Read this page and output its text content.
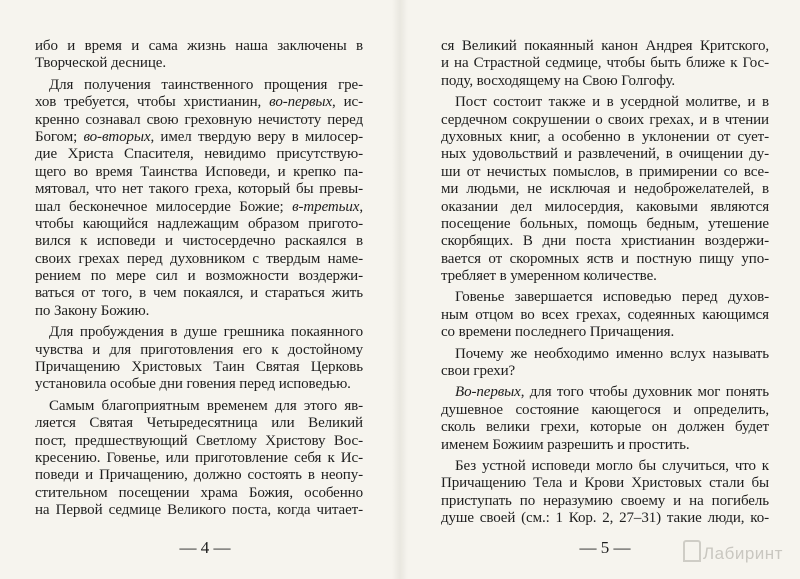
ибо и время и сама жизнь наша заключены в
Творческой деснице.
Для получения таинственного прощения гре-
хов требуется, чтобы христианин, во-первых, ис-
кренно сознавал свою греховную нечистоту перед
Богом; во-вторых, имел твердую веру в милосер-
дие Христа Спасителя, невидимо присутствую-
щего во время Таинства Исповеди, и крепко па-
мятовал, что нет такого греха, который бы превы-
шал бесконечное милосердие Божие; в-третьих,
чтобы кающийся надлежащим образом пригото-
вился к исповеди и чистосердечно раскаялся в
своих грехах перед духовником с твердым наме-
рением по мере сил и возможности воздержи-
ваться от того, в чем покаялся, и стараться жить
по Закону Божию.
Для пробуждения в душе грешника покаянного
чувства и для приготовления его к достойному
Причащению Христовых Таин Святая Церковь
установила особые дни говения перед исповедью.
Самым благоприятным временем для этого яв-
ляется Святая Четыредесятница или Великий
пост, предшествующий Светлому Христову Вос-
кресению. Говенье, или приготовление себя к Ис-
поведи и Причащению, должно состоять в неопу-
стительном посещении храма Божия, особенно
на Первой седмице Великого поста, когда читает-
ся Великий покаянный канон Андрея Критского,
и на Страстной седмице, чтобы быть ближе к Гос-
поду, восходящему на Свою Голгофу.
Пост состоит также и в усердной молитве, и в
сердечном сокрушении о своих грехах, и в чтении
духовных книг, а особенно в уклонении от сует-
ных удовольствий и развлечений, в очищении ду-
ши от нечистых помыслов, в примирении со все-
ми людьми, не исключая и недоброжелателей, в
оказании дел милосердия, каковыми являются
посещение больных, помощь бедным, утешение
скорбящих. В дни поста христианин воздержи-
вается от скоромных яств и постную пищу упо-
требляет в умеренном количестве.
Говенье завершается исповедью перед духов-
ным отцом во всех грехах, содеянных кающимся
со времени последнего Причащения.
Почему же необходимо именно вслух называть
свои грехи?
Во-первых, для того чтобы духовник мог понять
душевное состояние кающегося и определить,
сколь велики грехи, которые он должен будет
именем Божиим разрешить и простить.
Без устной исповеди могло бы случиться, что к
Причащению Тела и Крови Христовых стали бы
приступать по неразумию своему и на погибель
душе своей (см.: 1 Кор. 2, 27–31) такие люди, ко-
— 4 —	— 5 —	Лабиринт
